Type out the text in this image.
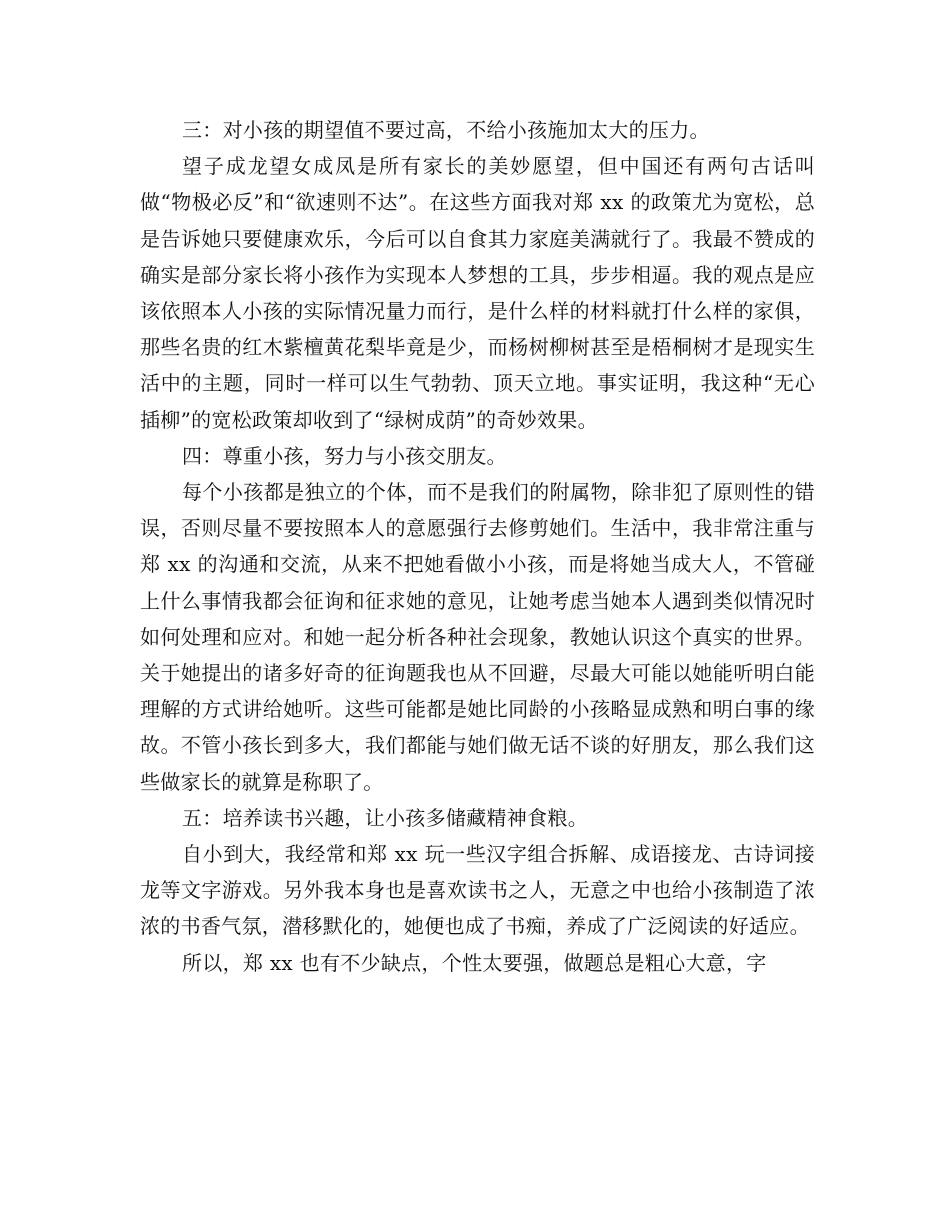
三：对小孩的期望值不要过高，不给小孩施加太大的压力。

望子成龙望女成凤是所有家长的美妙愿望，但中国还有两句古话叫做“物极必反”和“欲速则不达”。在这些方面我对郑 xx 的政策尤为宽松，总是告诉她只要健康欢乐，今后可以自食其力家庭美满就行了。我最不赞成的确实是部分家长将小孩作为实现本人梦想的工具，步步相逼。我的观点是应该依照本人小孩的实际情况量力而行，是什么样的材料就打什么样的家俱，那些名贵的红木紫檀黄花梨毕竟是少，而杨树柳树甚至是梧桐树才是现实生活中的主题，同时一样可以生气勃勃、顶天立地。事实证明，我这种“无心插柳”的宽松政策却收到了“绿树成荫”的奇妙效果。

四：尊重小孩，努力与小孩交朋友。

每个小孩都是独立的个体，而不是我们的附属物，除非犯了原则性的错误，否则尽量不要按照本人的意愿强行去修剪她们。生活中，我非常注重与郑 xx 的沟通和交流，从来不把她看做小小孩，而是将她当成大人，不管碰上什么事情我都会征询和征求她的意见，让她考虑当她本人遇到类似情况时如何处理和应对。和她一起分析各种社会现象，教她认识这个真实的世界。关于她提出的诸多好奇的征询题我也从不回避，尽最大可能以她能听明白能理解的方式讲给她听。这些可能都是她比同龄的小孩略显成熟和明白事的缘故。不管小孩长到多大，我们都能与她们做无话不谈的好朋友，那么我们这些做家长的就算是称职了。

五：培养读书兴趣，让小孩多储藏精神食粮。

自小到大，我经常和郑 xx 玩一些汉字组合拆解、成语接龙、古诗词接龙等文字游戏。另外我本身也是喜欢读书之人，无意之中也给小孩制造了浓浓的书香气氛，潜移默化的，她便也成了书痴，养成了广泛阅读的好适应。

所以，郑 xx 也有不少缺点，个性太要强，做题总是粗心大意，字
